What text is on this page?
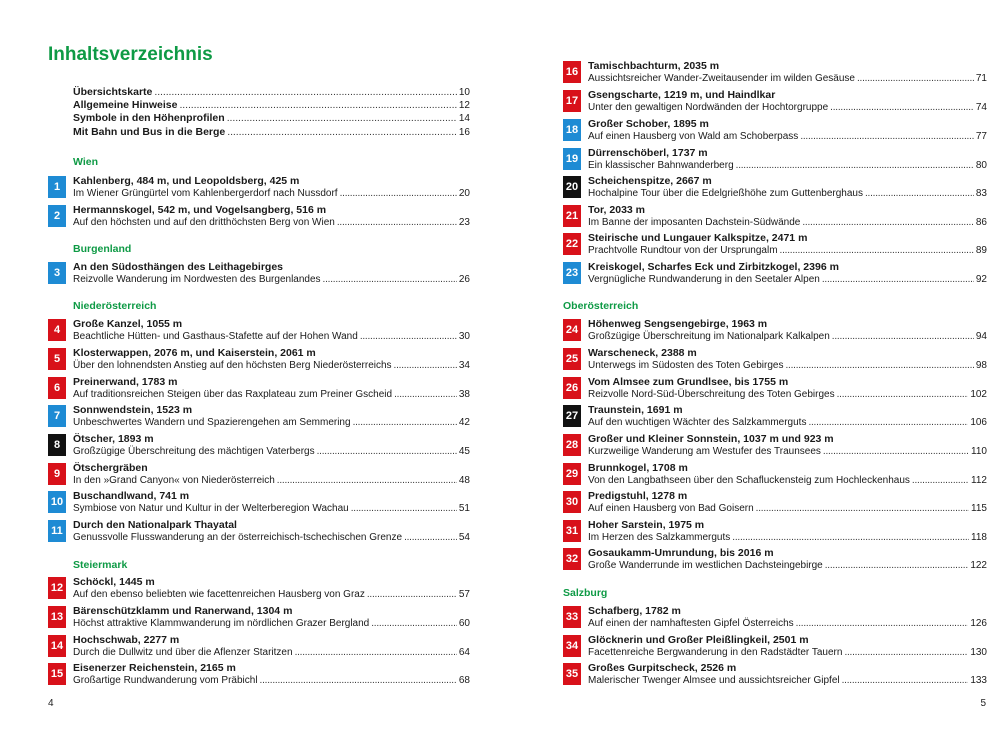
Inhaltsverzeichnis
Übersichtskarte . . .	10
Allgemeine Hinweise . . .	12
Symbole in den Höhenprofilen . . .	14
Mit Bahn und Bus in die Berge . . .	16
Wien
Burgenland
Niederösterreich
Steiermark
4
1	Kahlenberg, 484 m, und Leopoldsberg, 425 m
Im Wiener Grüngürtel vom Kahlenbergerdorf nach Nussdorf . . .	20
2	Hermannskogel, 542 m, und Vogelsangberg, 516 m
Auf den höchsten und auf den dritthöchsten Berg von Wien . . .	23
3	An den Südosthängen des Leithagebirges
Reizvolle Wanderung im Nordwesten des Burgenlandes . . .	26
4	Große Kanzel, 1055 m
Beachtliche Hütten- und Gasthaus-Stafette auf der Hohen Wand . . .	30
5	Klosterwappen, 2076 m, und Kaiserstein, 2061 m
Über den lohnendsten Anstieg auf den höchsten Berg Niederösterreichs . . .	34
6	Preinerwand, 1783 m
Auf traditionsreichen Steigen über das Raxplateau zum Preiner Gscheid . . .	38
7	Sonnwendstein, 1523 m
Unbeschwertes Wandern und Spazierengehen am Semmering . . .	42
8	Ötscher, 1893 m
Großzügige Überschreitung des mächtigen Vaterbergs . . .	45
9	Ötschergräben
In den »Grand Canyon« von Niederösterreich . . .	48
10 Buschandlwand, 741 m
Symbiose von Natur und Kultur in der Welterberegion Wachau . . .	51
11 Durch den Nationalpark Thayatal
Genussvolle Flusswanderung an der österreichisch-tschechischen Grenze . . .	54
12 Schöckl, 1445 m
Auf den ebenso beliebten wie facettenreichen Hausberg von Graz . . .	57
13 Bärenschützklamm und Ranerwand, 1304 m
Höchst attraktive Klammwanderung im nördlichen Grazer Bergland . . .	60
14 Hochschwab, 2277 m
Durch die Dullwitz und über die Aflenzer Staritzen . . .	64
15 Eisenerzer Reichenstein, 2165 m
Großartige Rundwanderung vom Präbichl . . .	68
Oberösterreich
Salzburg
5
16 Tamischbachturm, 2035 m
Aussichtsreicher Wander-Zweitausender im wilden Gesäuse . . .	71
17 Gsengscharte, 1219 m, und Haindlkar
Unter den gewaltigen Nordwänden der Hochtorgruppe . . .	74
18 Großer Schober, 1895 m
Auf einen Hausberg von Wald am Schoberpass . . .	77
19 Dürrenschöberl, 1737 m
Ein klassischer Bahnwanderberg . . .	80
20 Scheichenspitze, 2667 m
Hochalpine Tour über die Edelgrießhöhe zum Guttenberghaus . . .	83
21 Tor, 2033 m
Im Banne der imposanten Dachstein-Südwände . . .	86
22 Steirische und Lungauer Kalkspitze, 2471 m
Prachtvolle Rundtour von der Ursprungalm . . .	89
23 Kreiskogel, Scharfes Eck und Zirbitzkogel, 2396 m
Vergnügliche Rundwanderung in den Seetaler Alpen . . .	92
24 Höhenweg Sengsengebirge, 1963 m
Großzügige Überschreitung im Nationalpark Kalkalpen . . .	94
25 Warscheneck, 2388 m
Unterwegs im Südosten des Toten Gebirges . . .	98
26 Vom Almsee zum Grundlsee, bis 1755 m
Reizvolle Nord-Süd-Überschreitung des Toten Gebirges . . .	102
27 Traunstein, 1691 m
Auf den wuchtigen Wächter des Salzkammerguts . . .	106
28 Großer und Kleiner Sonnstein, 1037 m und 923 m
Kurzweilige Wanderung am Westufer des Traunsees . . .	110
29 Brunnkogel, 1708 m
Von den Langbathseen über den Schafluckensteig zum Hochleckenhaus . . .	112
30 Predigstuhl, 1278 m
Auf einen Hausberg von Bad Goisern . . .	115
31 Hoher Sarstein, 1975 m
Im Herzen des Salzkammerguts . . .	118
32 Gosaukamm-Umrundung, bis 2016 m
Große Wanderrunde im westlichen Dachsteingebirge . . .	122
33 Schafberg, 1782 m
Auf einen der namhaftesten Gipfel Österreichs . . .	126
34 Glöcknerin und Großer Pleißlingkeil, 2501 m
Facettenreiche Bergwanderung in den Radstädter Tauern . . .	130
35 Großes Gurpitscheck, 2526 m
Malerischer Twenger Almsee und aussichtsreicher Gipfel . . .	133
